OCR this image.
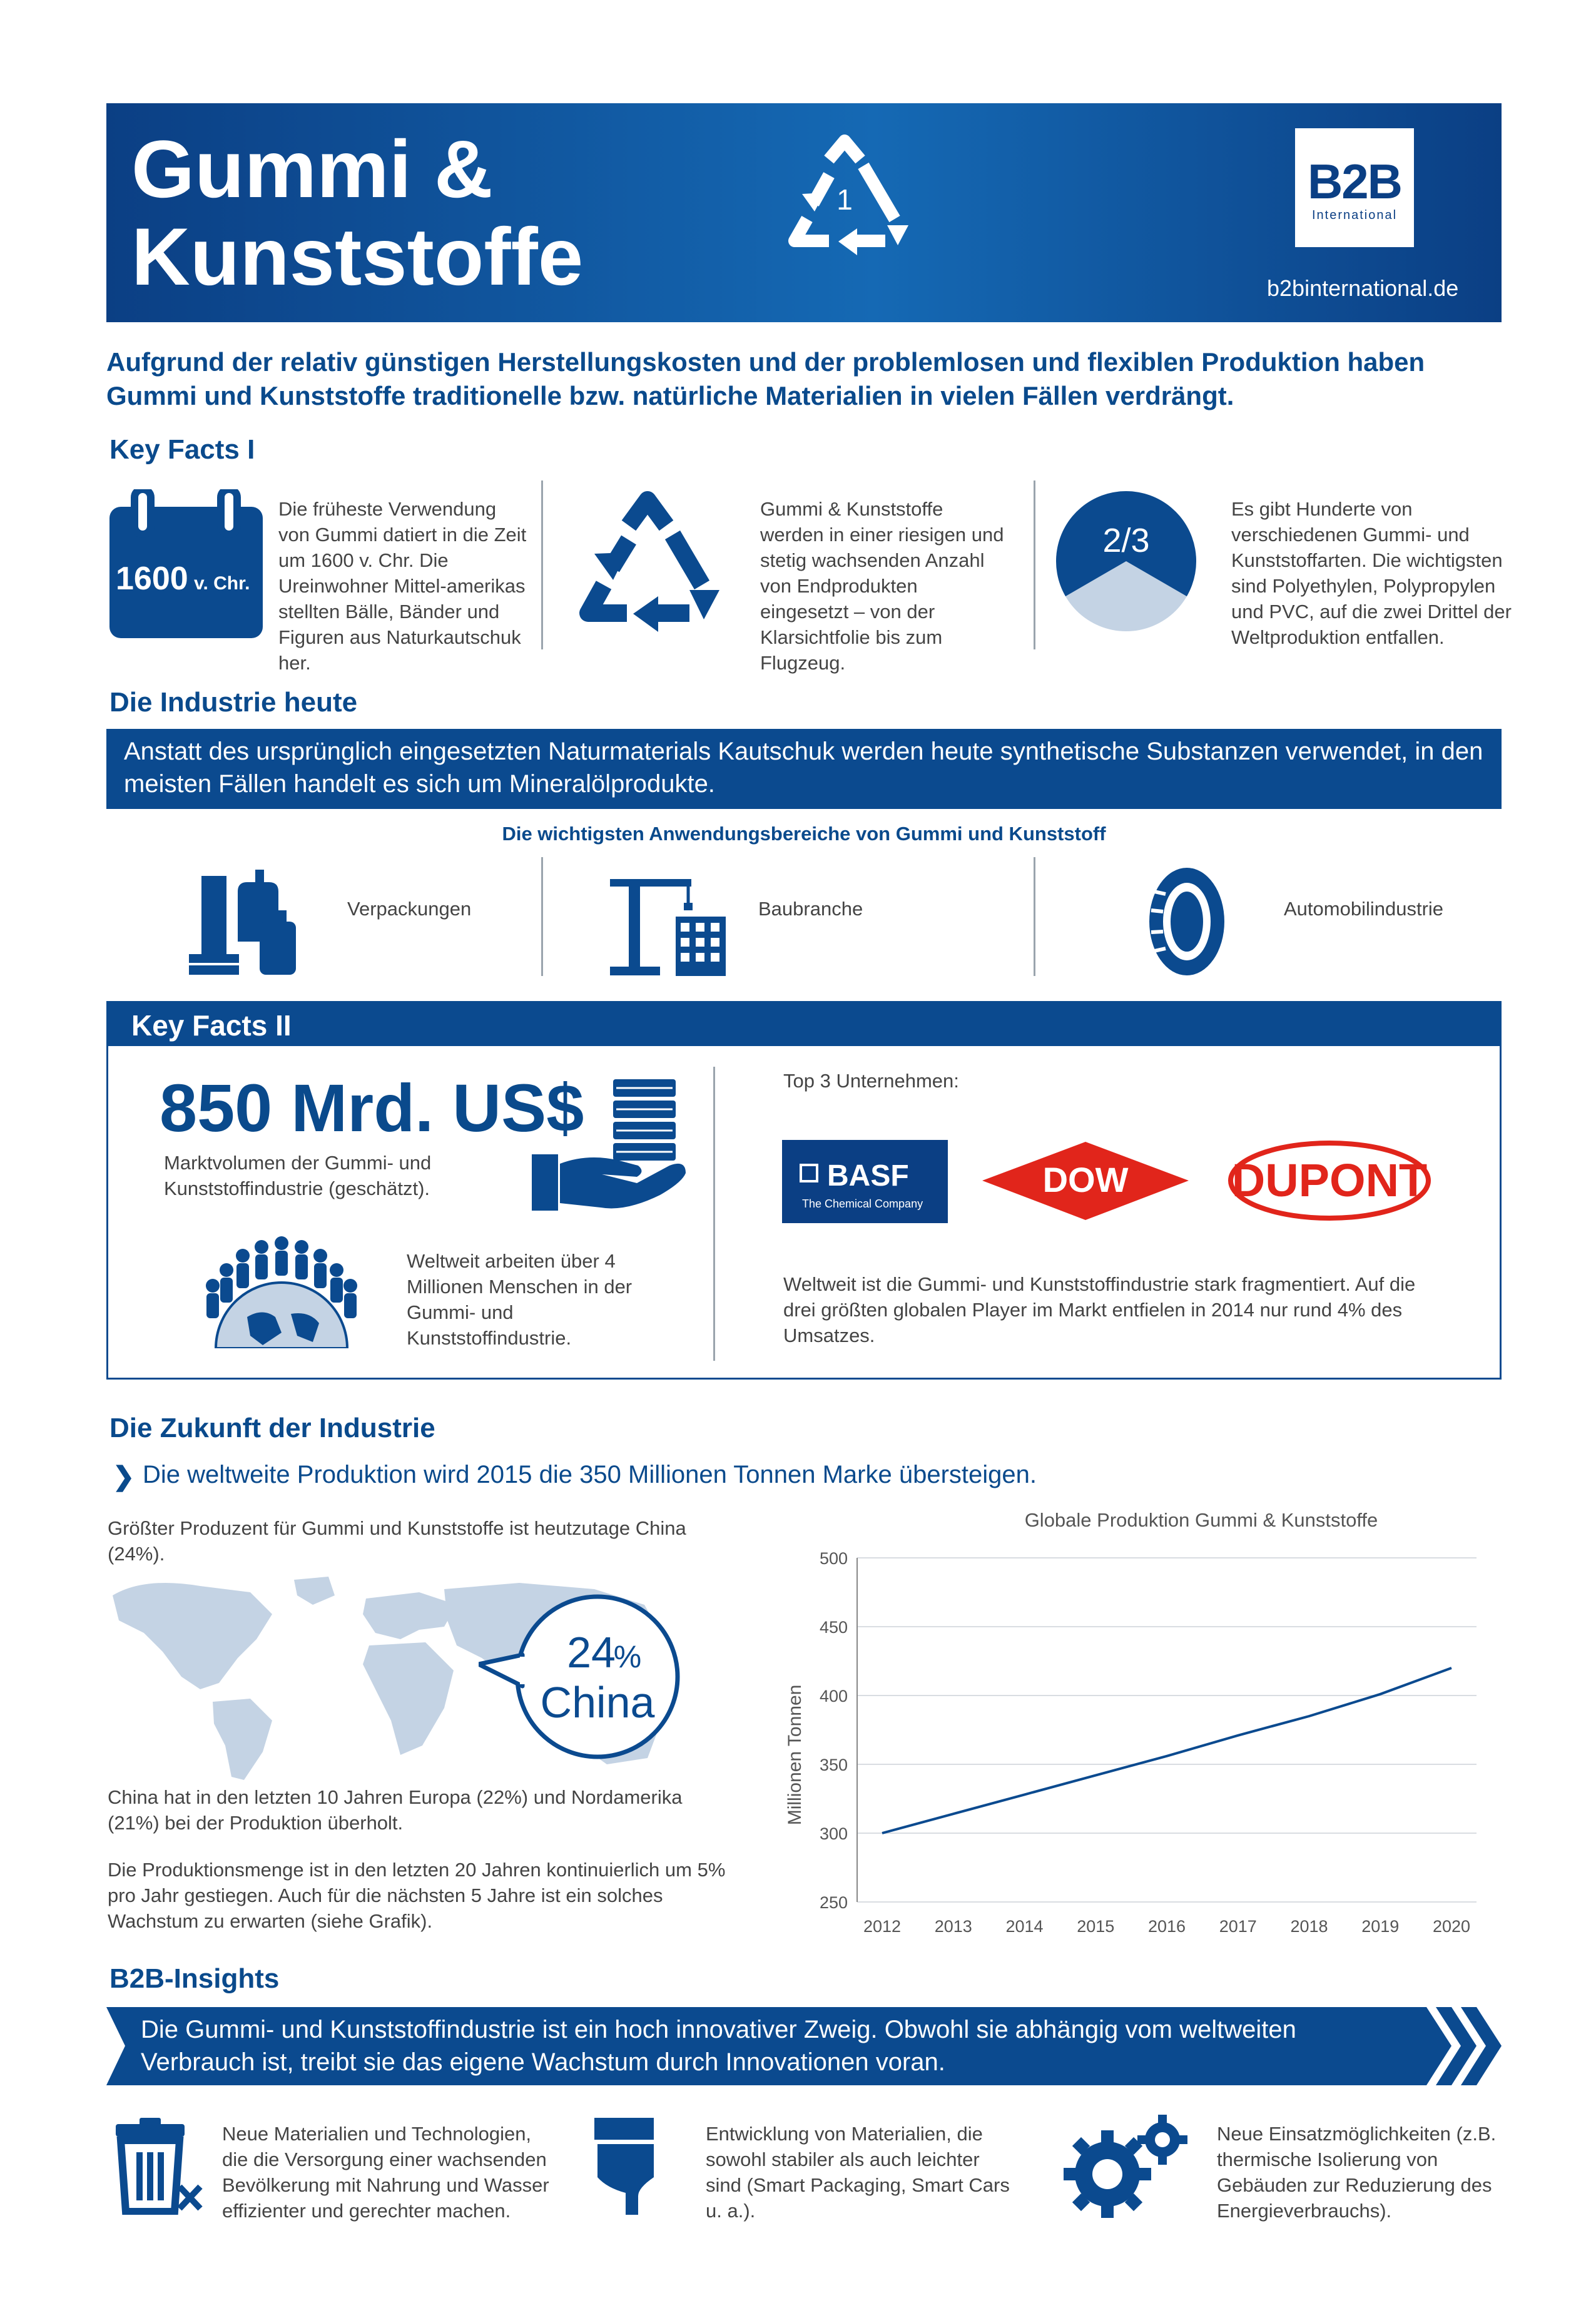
Gummi &
Kunststoffe
1	B2B
International
b2binternational.de
Aufgrund der relativ günstigen Herstellungskosten und der problemlosen und flexiblen Produktion haben Gummi und Kunststoffe traditionelle bzw. natürliche Materialien in vielen Fällen verdrängt.
Key Facts I
1600 v. Chr.
Die früheste Verwendung von Gummi datiert in die Zeit um 1600 v. Chr. Die Ureinwohner Mittel-amerikas stellten Bälle, Bänder und Figuren aus Naturkautschuk her.
Gummi & Kunststoffe werden in einer riesigen und stetig wachsenden Anzahl von Endprodukten eingesetzt – von der Klarsichtfolie bis zum Flugzeug.
2/3
Es gibt Hunderte von verschiedenen Gummi- und Kunststoffarten. Die wichtigsten sind Polyethylen, Polypropylen und PVC, auf die zwei Drittel der Weltproduktion entfallen.
Die Industrie heute
Anstatt des ursprünglich eingesetzten Naturmaterials Kautschuk werden heute synthetische Substanzen verwendet, in den meisten Fällen handelt es sich um Mineralölprodukte.
Die wichtigsten Anwendungsbereiche von Gummi und Kunststoff
Verpackungen	Baubranche	Automobilindustrie
Key Facts II
850 Mrd. US$
Marktvolumen der Gummi- und Kunststoffindustrie (geschätzt).
Weltweit arbeiten über 4 Millionen Menschen in der Gummi- und Kunststoffindustrie.
Top 3 Unternehmen:
BASF
The Chemical Company
DOW DUPONT
Weltweit ist die Gummi- und Kunststoffindustrie stark fragmentiert. Auf die drei größten globalen Player im Markt entfielen in 2014 nur rund 4% des Umsatzes.
Die Zukunft der Industrie
❯ Die weltweite Produktion wird 2015 die 350 Millionen Tonnen Marke übersteigen.
Größter Produzent für Gummi und Kunststoffe ist heutzutage China (24%).
24
%
China
China hat in den letzten 10 Jahren Europa (22%) und Nordamerika (21%) bei der Produktion überholt.
Die Produktionsmenge ist in den letzten 20 Jahren kontinuierlich um 5% pro Jahr gestiegen. Auch für die nächsten 5 Jahre ist ein solches Wachstum zu erwarten (siehe Grafik).
Globale Produktion Gummi & Kunststoffe
Millionen Tonnen
250
300
350
400
450
500
2012 2013 2014 2015 2016 2017 2018 2019 2020
B2B-Insights
Die Gummi- und Kunststoffindustrie ist ein hoch innovativer Zweig. Obwohl sie abhängig vom weltweiten Verbrauch ist, treibt sie das eigene Wachstum durch Innovationen voran.
Neue Materialien und Technologien, die die Versorgung einer wachsenden Bevölkerung mit Nahrung und Wasser effizienter und gerechter machen.
Entwicklung von Materialien, die sowohl stabiler als auch leichter sind (Smart Packaging, Smart Cars u. a.).
Neue Einsatzmöglichkeiten (z.B. thermische Isolierung von Gebäuden zur Reduzierung des Energieverbrauchs).
